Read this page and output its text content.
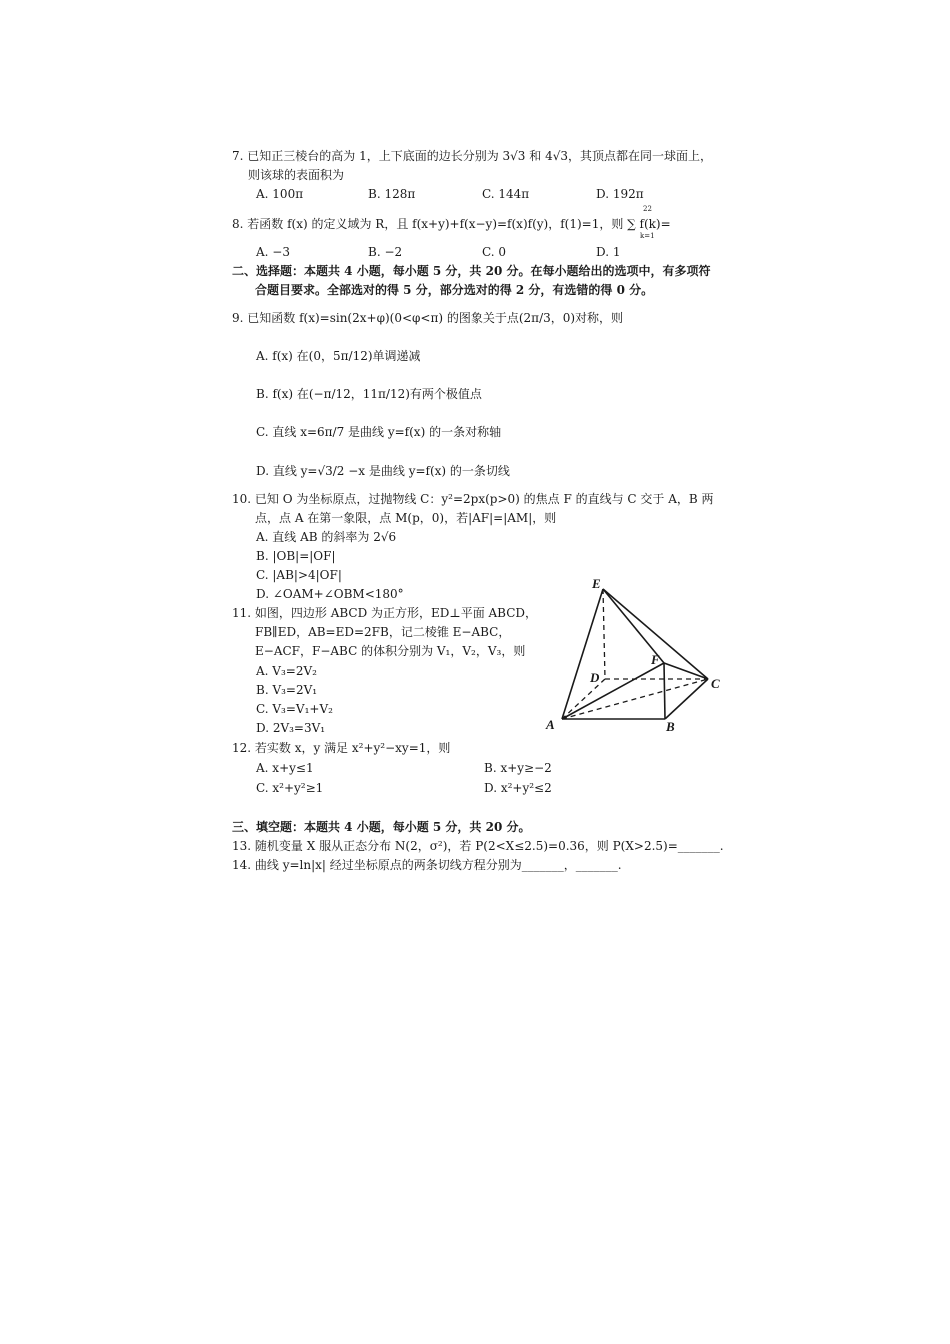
7. 已知正三棱台的高为 1，上下底面的边长分别为 3√3 和 4√3，其顶点都在同一球面上，
则该球的表面积为
A. 100π	B. 128π	C. 144π	D. 192π
8. 若函数 f(x) 的定义域为 R，且 f(x+y)+f(x−y)=f(x)f(y)，f(1)=1，则 ∑ f(k)=
22
k=1
A. −3	B. −2	C. 0	D. 1
二、选择题：本题共 4 小题，每小题 5 分，共 20 分。在每小题给出的选项中，有多项符
合题目要求。全部选对的得 5 分，部分选对的得 2 分，有选错的得 0 分。
9. 已知函数 f(x)=sin(2x+φ)(0<φ<π) 的图象关于点(2π/3，0)对称，则
A. f(x) 在(0，5π/12)单调递减
B. f(x) 在(−π/12，11π/12)有两个极值点
C. 直线 x=6π/7 是曲线 y=f(x) 的一条对称轴
D. 直线 y=√3/2 −x 是曲线 y=f(x) 的一条切线
10. 已知 O 为坐标原点，过抛物线 C：y²=2px(p>0) 的焦点 F 的直线与 C 交于 A，B 两
点，点 A 在第一象限，点 M(p，0)，若|AF|=|AM|，则
A. 直线 AB 的斜率为 2√6
B. |OB|=|OF|
C. |AB|>4|OF|
D. ∠OAM+∠OBM<180°
11. 如图，四边形 ABCD 为正方形，ED⊥平面 ABCD，
FB∥ED，AB=ED=2FB，记二棱锥 E−ABC，
E−ACF，F−ABC 的体积分别为 V₁，V₂，V₃，则
A. V₃=2V₂
B. V₃=2V₁
C. V₃=V₁+V₂
D. 2V₃=3V₁
E
F
D	C
A	B
12. 若实数 x，y 满足 x²+y²−xy=1，则
A. x+y≤1	B. x+y≥−2
C. x²+y²≥1	D. x²+y²≤2
三、填空题：本题共 4 小题，每小题 5 分，共 20 分。
13. 随机变量 X 服从正态分布 N(2，σ²)，若 P(2<X≤2.5)=0.36，则 P(X>2.5)=_______.
14. 曲线 y=ln|x| 经过坐标原点的两条切线方程分别为_______，_______.
